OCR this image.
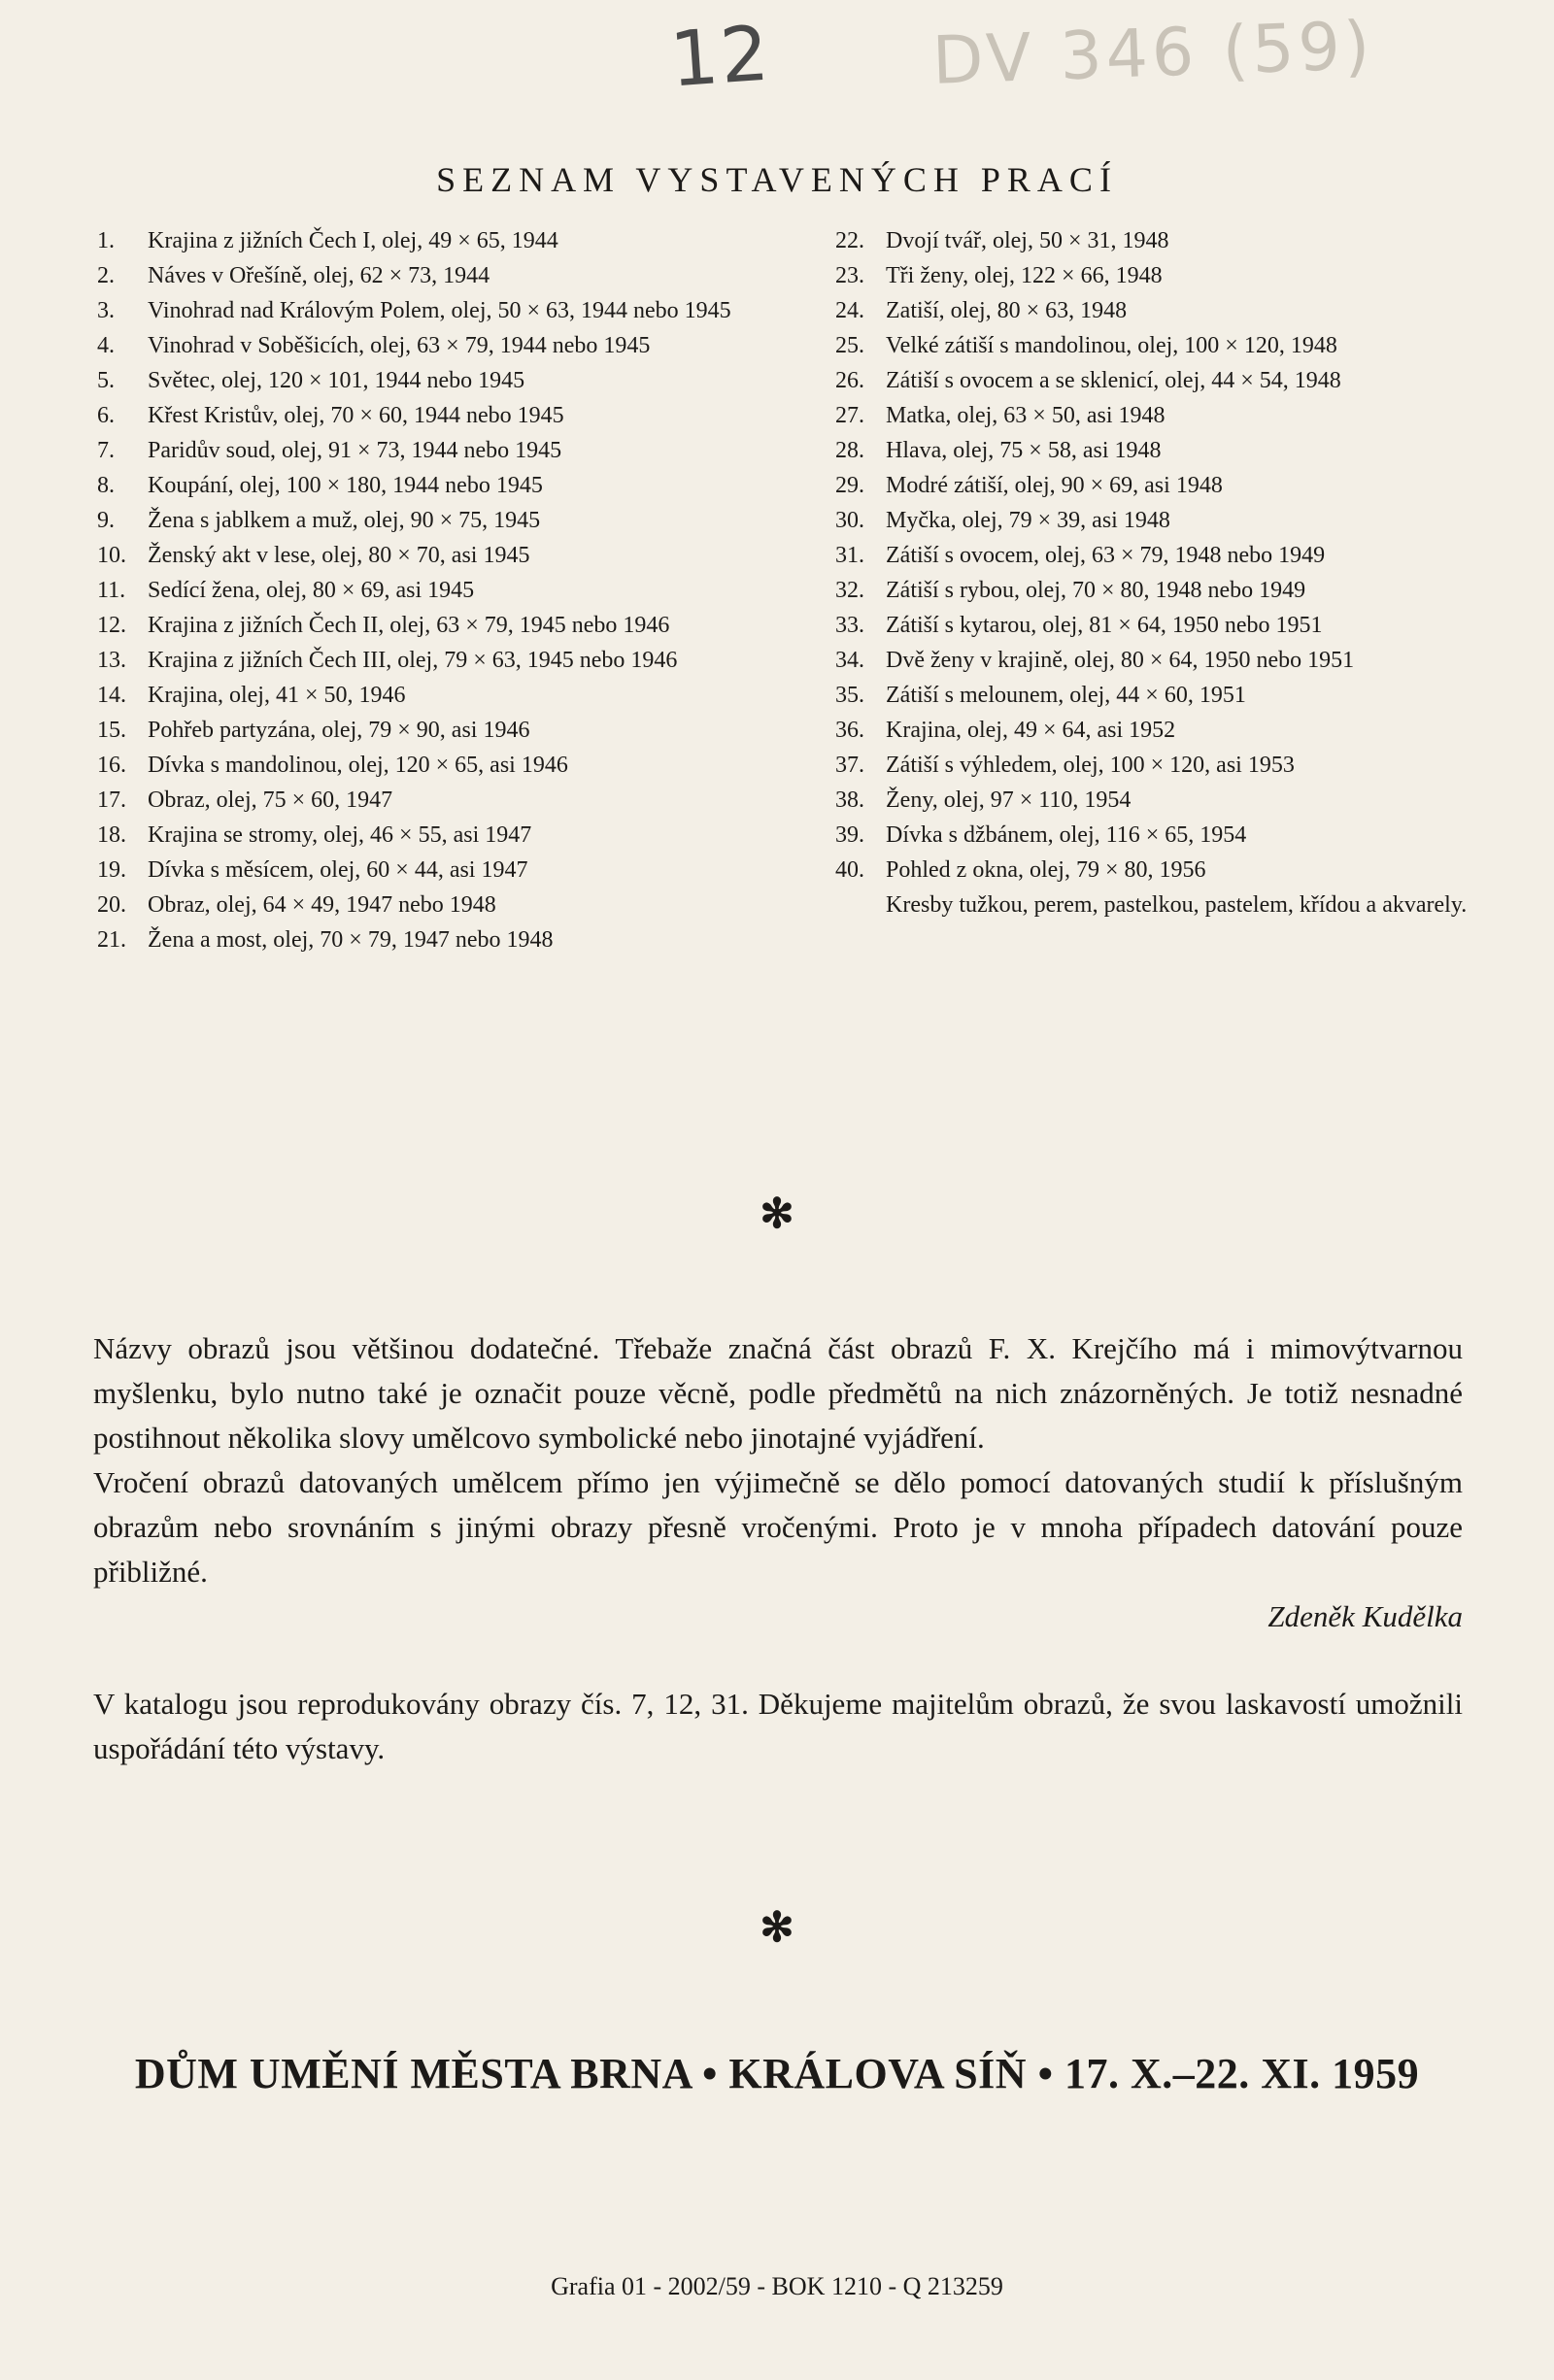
12 DV 346 (59)
SEZNAM VYSTAVENÝCH PRACÍ
1.	Krajina z jižních Čech I, olej, 49 × 65, 1944
2.	Náves v Ořešíně, olej, 62 × 73, 1944
3.	Vinohrad nad Královým Polem, olej, 50 × 63, 1944 nebo 1945
4.	Vinohrad v Soběšicích, olej, 63 × 79, 1944 nebo 1945
5.	Světec, olej, 120 × 101, 1944 nebo 1945
6.	Křest Kristův, olej, 70 × 60, 1944 nebo 1945
7.	Paridův soud, olej, 91 × 73, 1944 nebo 1945
8.	Koupání, olej, 100 × 180, 1944 nebo 1945
9.	Žena s jablkem a muž, olej, 90 × 75, 1945
10. Ženský akt v lese, olej, 80 × 70, asi 1945
11. Sedící žena, olej, 80 × 69, asi 1945
12. Krajina z jižních Čech II, olej, 63 × 79, 1945 nebo 1946
13. Krajina z jižních Čech III, olej, 79 × 63, 1945 nebo 1946
14. Krajina, olej, 41 × 50, 1946
15. Pohřeb partyzána, olej, 79 × 90, asi 1946
16. Dívka s mandolinou, olej, 120 × 65, asi 1946
17. Obraz, olej, 75 × 60, 1947
18. Krajina se stromy, olej, 46 × 55, asi 1947
19. Dívka s měsícem, olej, 60 × 44, asi 1947
20. Obraz, olej, 64 × 49, 1947 nebo 1948
21. Žena a most, olej, 70 × 79, 1947 nebo 1948
22. Dvojí tvář, olej, 50 × 31, 1948
23. Tři ženy, olej, 122 × 66, 1948
24. Zatiší, olej, 80 × 63, 1948
25. Velké zátiší s mandolinou, olej, 100 × 120, 1948
26. Zátiší s ovocem a se sklenicí, olej, 44 × 54, 1948
27. Matka, olej, 63 × 50, asi 1948
28. Hlava, olej, 75 × 58, asi 1948
29. Modré zátiší, olej, 90 × 69, asi 1948
30. Myčka, olej, 79 × 39, asi 1948
31. Zátiší s ovocem, olej, 63 × 79, 1948 nebo 1949
32. Zátiší s rybou, olej, 70 × 80, 1948 nebo 1949
33. Zátiší s kytarou, olej, 81 × 64, 1950 nebo 1951
34. Dvě ženy v krajině, olej, 80 × 64, 1950 nebo 1951
35. Zátiší s melounem, olej, 44 × 60, 1951
36. Krajina, olej, 49 × 64, asi 1952
37. Zátiší s výhledem, olej, 100 × 120, asi 1953
38. Ženy, olej, 97 × 110, 1954
39. Dívka s džbánem, olej, 116 × 65, 1954
40. Pohled z okna, olej, 79 × 80, 1956
Kresby tužkou, perem, pastelkou, pastelem, křídou a akvarely.
✻

Názvy obrazů jsou většinou dodatečné. Třebaže značná část obrazů F. X. Krejčího má i mimovýtvarnou myšlenku, bylo nutno také je označit pouze věcně, podle předmětů na nich znázorněných. Je totiž nesnadné postihnout několika slovy umělcovo symbolické nebo jinotajné vyjádření.

Vročení obrazů datovaných umělcem přímo jen výjimečně se dělo pomocí datovaných studií k příslušným obrazům nebo srovnáním s jinými obrazy přesně vročenými. Proto je v mnoha případech datování pouze přibližné.

Zdeněk Kudělka

V katalogu jsou reprodukovány obrazy čís. 7, 12, 31. Děkujeme majitelům obrazů, že svou laskavostí umožnili uspořádání této výstavy.

✻
DŮM UMĚNÍ MĚSTA BRNA • KRÁLOVA SÍŇ • 17. X.–22. XI. 1959
Grafia 01 - 2002/59 - BOK 1210 - Q 213259
